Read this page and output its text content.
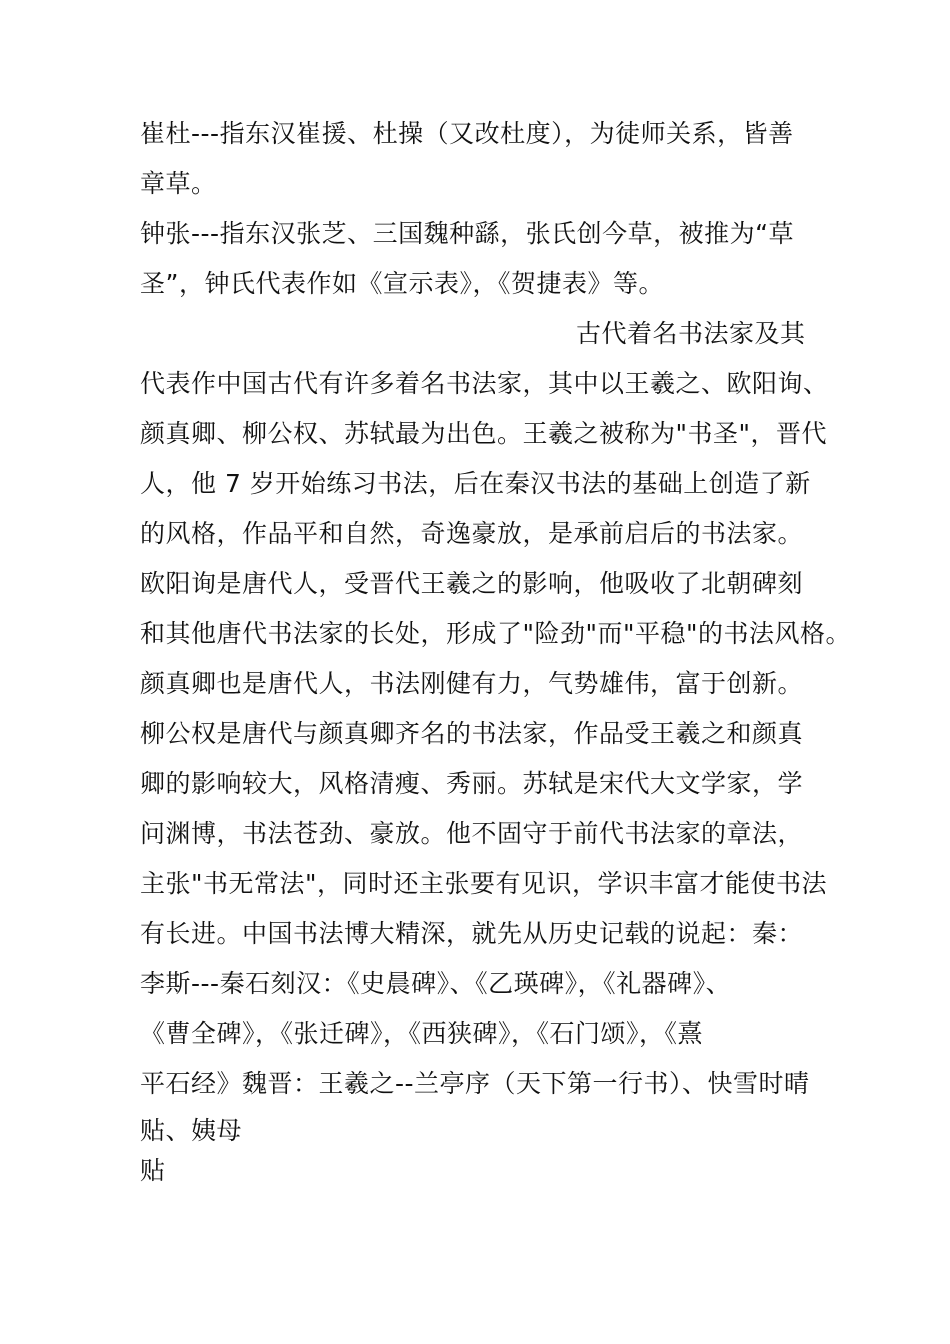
崔杜---指东汉崔援、杜操（又改杜度），为徒师关系，皆善
章草。
钟张---指东汉张芝、三国魏种繇，张氏创今草，被推为“草
圣”，钟氏代表作如《宣示表》，《贺捷表》等。
古代着名书法家及其
代表作中国古代有许多着名书法家，其中以王羲之、欧阳询、
颜真卿、柳公权、苏轼最为出色。王羲之被称为"书圣"，晋代
人，他 7 岁开始练习书法，后在秦汉书法的基础上创造了新
的风格，作品平和自然，奇逸豪放，是承前启后的书法家。
欧阳询是唐代人，受晋代王羲之的影响，他吸收了北朝碑刻
和其他唐代书法家的长处，形成了"险劲"而"平稳"的书法风格。
颜真卿也是唐代人，书法刚健有力，气势雄伟，富于创新。
柳公权是唐代与颜真卿齐名的书法家，作品受王羲之和颜真
卿的影响较大，风格清瘦、秀丽。苏轼是宋代大文学家，学
问渊博，书法苍劲、豪放。他不固守于前代书法家的章法，
主张"书无常法"，同时还主张要有见识，学识丰富才能使书法
有长进。中国书法博大精深，就先从历史记载的说起：秦：
李斯---秦石刻汉：《史晨碑》、《乙瑛碑》，《礼器碑》、
《曹全碑》，《张迁碑》，《西狭碑》，《石门颂》，《熹
平石经》魏晋：王羲之--兰亭序（天下第一行书）、快雪时晴
贴、姨母
贴
